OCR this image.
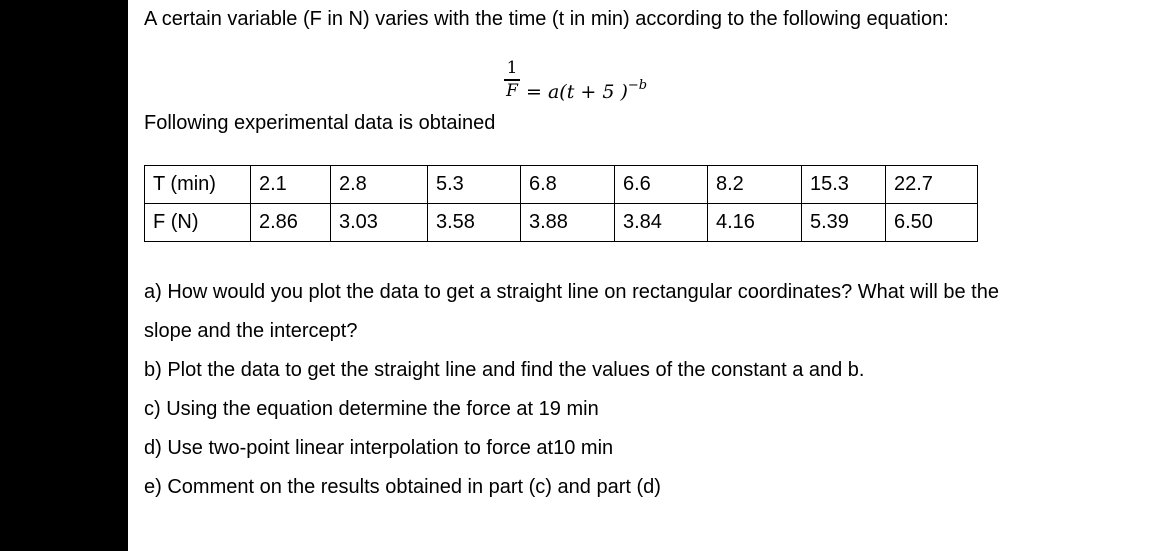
A certain variable (F in N) varies with the time (t in min) according to the following equation:
1
F = a(t + 5 )$^{-b}$
Following experimental data is obtained
T (min)	2.1	2.8	5.3	6.8	6.6	8.2	15.3	22.7
F (N)	2.86	3.03	3.58	3.88	3.84	4.16	5.39	6.50
a) How would you plot the data to get a straight line on rectangular coordinates? What will be the slope and the intercept?
b) Plot the data to get the straight line and find the values of the constant a and b.
c) Using the equation determine the force at 19 min
d) Use two-point linear interpolation to force at10 min
e) Comment on the results obtained in part (c) and part (d)
